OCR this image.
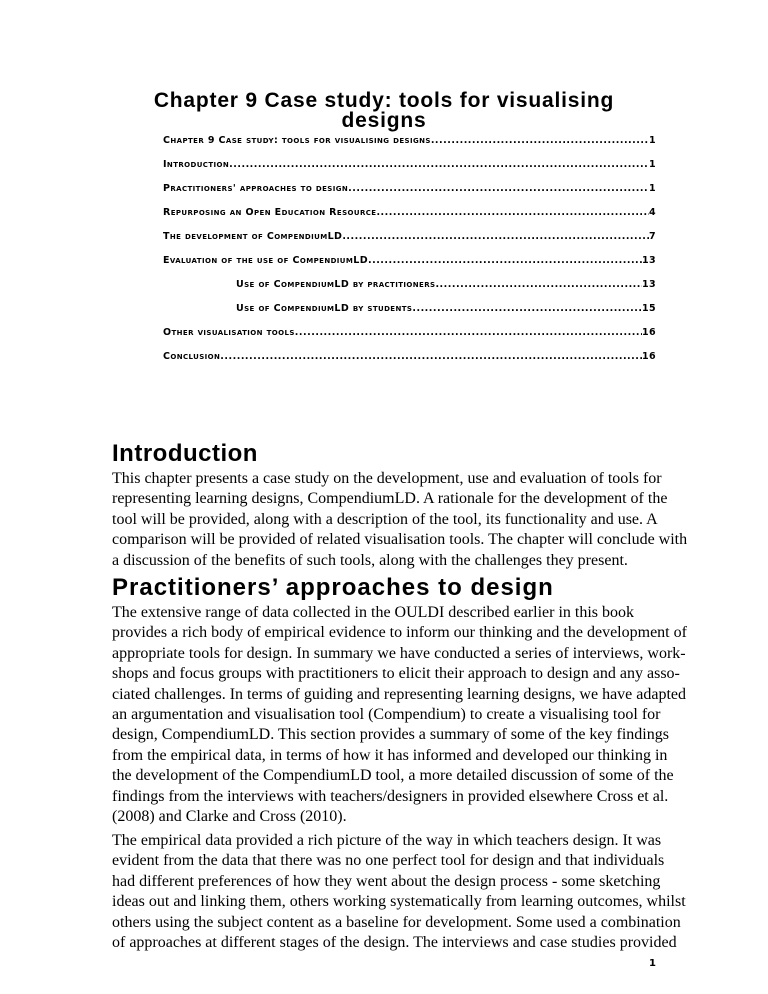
Chapter 9 Case study: tools for visualising
designs
Chapter 9 Case study: tools for visualising designs .....	1
Introduction .....	1
Practitioners' approaches to design .....	1
Repurposing an Open Education Resource .....	4
The development of CompendiumLD .....	7
Evaluation of the use of CompendiumLD .....	13
Use of CompendiumLD by practitioners .....	13
Use of CompendiumLD by students .....	15
Other visualisation tools .....	16
Conclusion .....	16
Introduction
This chapter presents a case study on the development, use and evaluation of tools for
representing learning designs, CompendiumLD. A rationale for the development of the
tool will be provided, along with a description of the tool, its functionality and use. A
comparison will be provided of related visualisation tools. The chapter will conclude with
a discussion of the benefits of such tools, along with the challenges they present.
Practitioners’ approaches to design
The extensive range of data collected in the OULDI described earlier in this book
provides a rich body of empirical evidence to inform our thinking and the development of
appropriate tools for design. In summary we have conducted a series of interviews, work-
shops and focus groups with practitioners to elicit their approach to design and any asso-
ciated challenges. In terms of guiding and representing learning designs, we have adapted
an argumentation and visualisation tool (Compendium) to create a visualising tool for
design, CompendiumLD. This section provides a summary of some of the key findings
from the empirical data, in terms of how it has informed and developed our thinking in
the development of the CompendiumLD tool, a more detailed discussion of some of the
findings from the interviews with teachers/designers in provided elsewhere Cross et al.
(2008) and Clarke and Cross (2010).
The empirical data provided a rich picture of the way in which teachers design. It was
evident from the data that there was no one perfect tool for design and that individuals
had different preferences of how they went about the design process - some sketching
ideas out and linking them, others working systematically from learning outcomes, whilst
others using the subject content as a baseline for development. Some used a combination
of approaches at different stages of the design. The interviews and case studies provided
1
